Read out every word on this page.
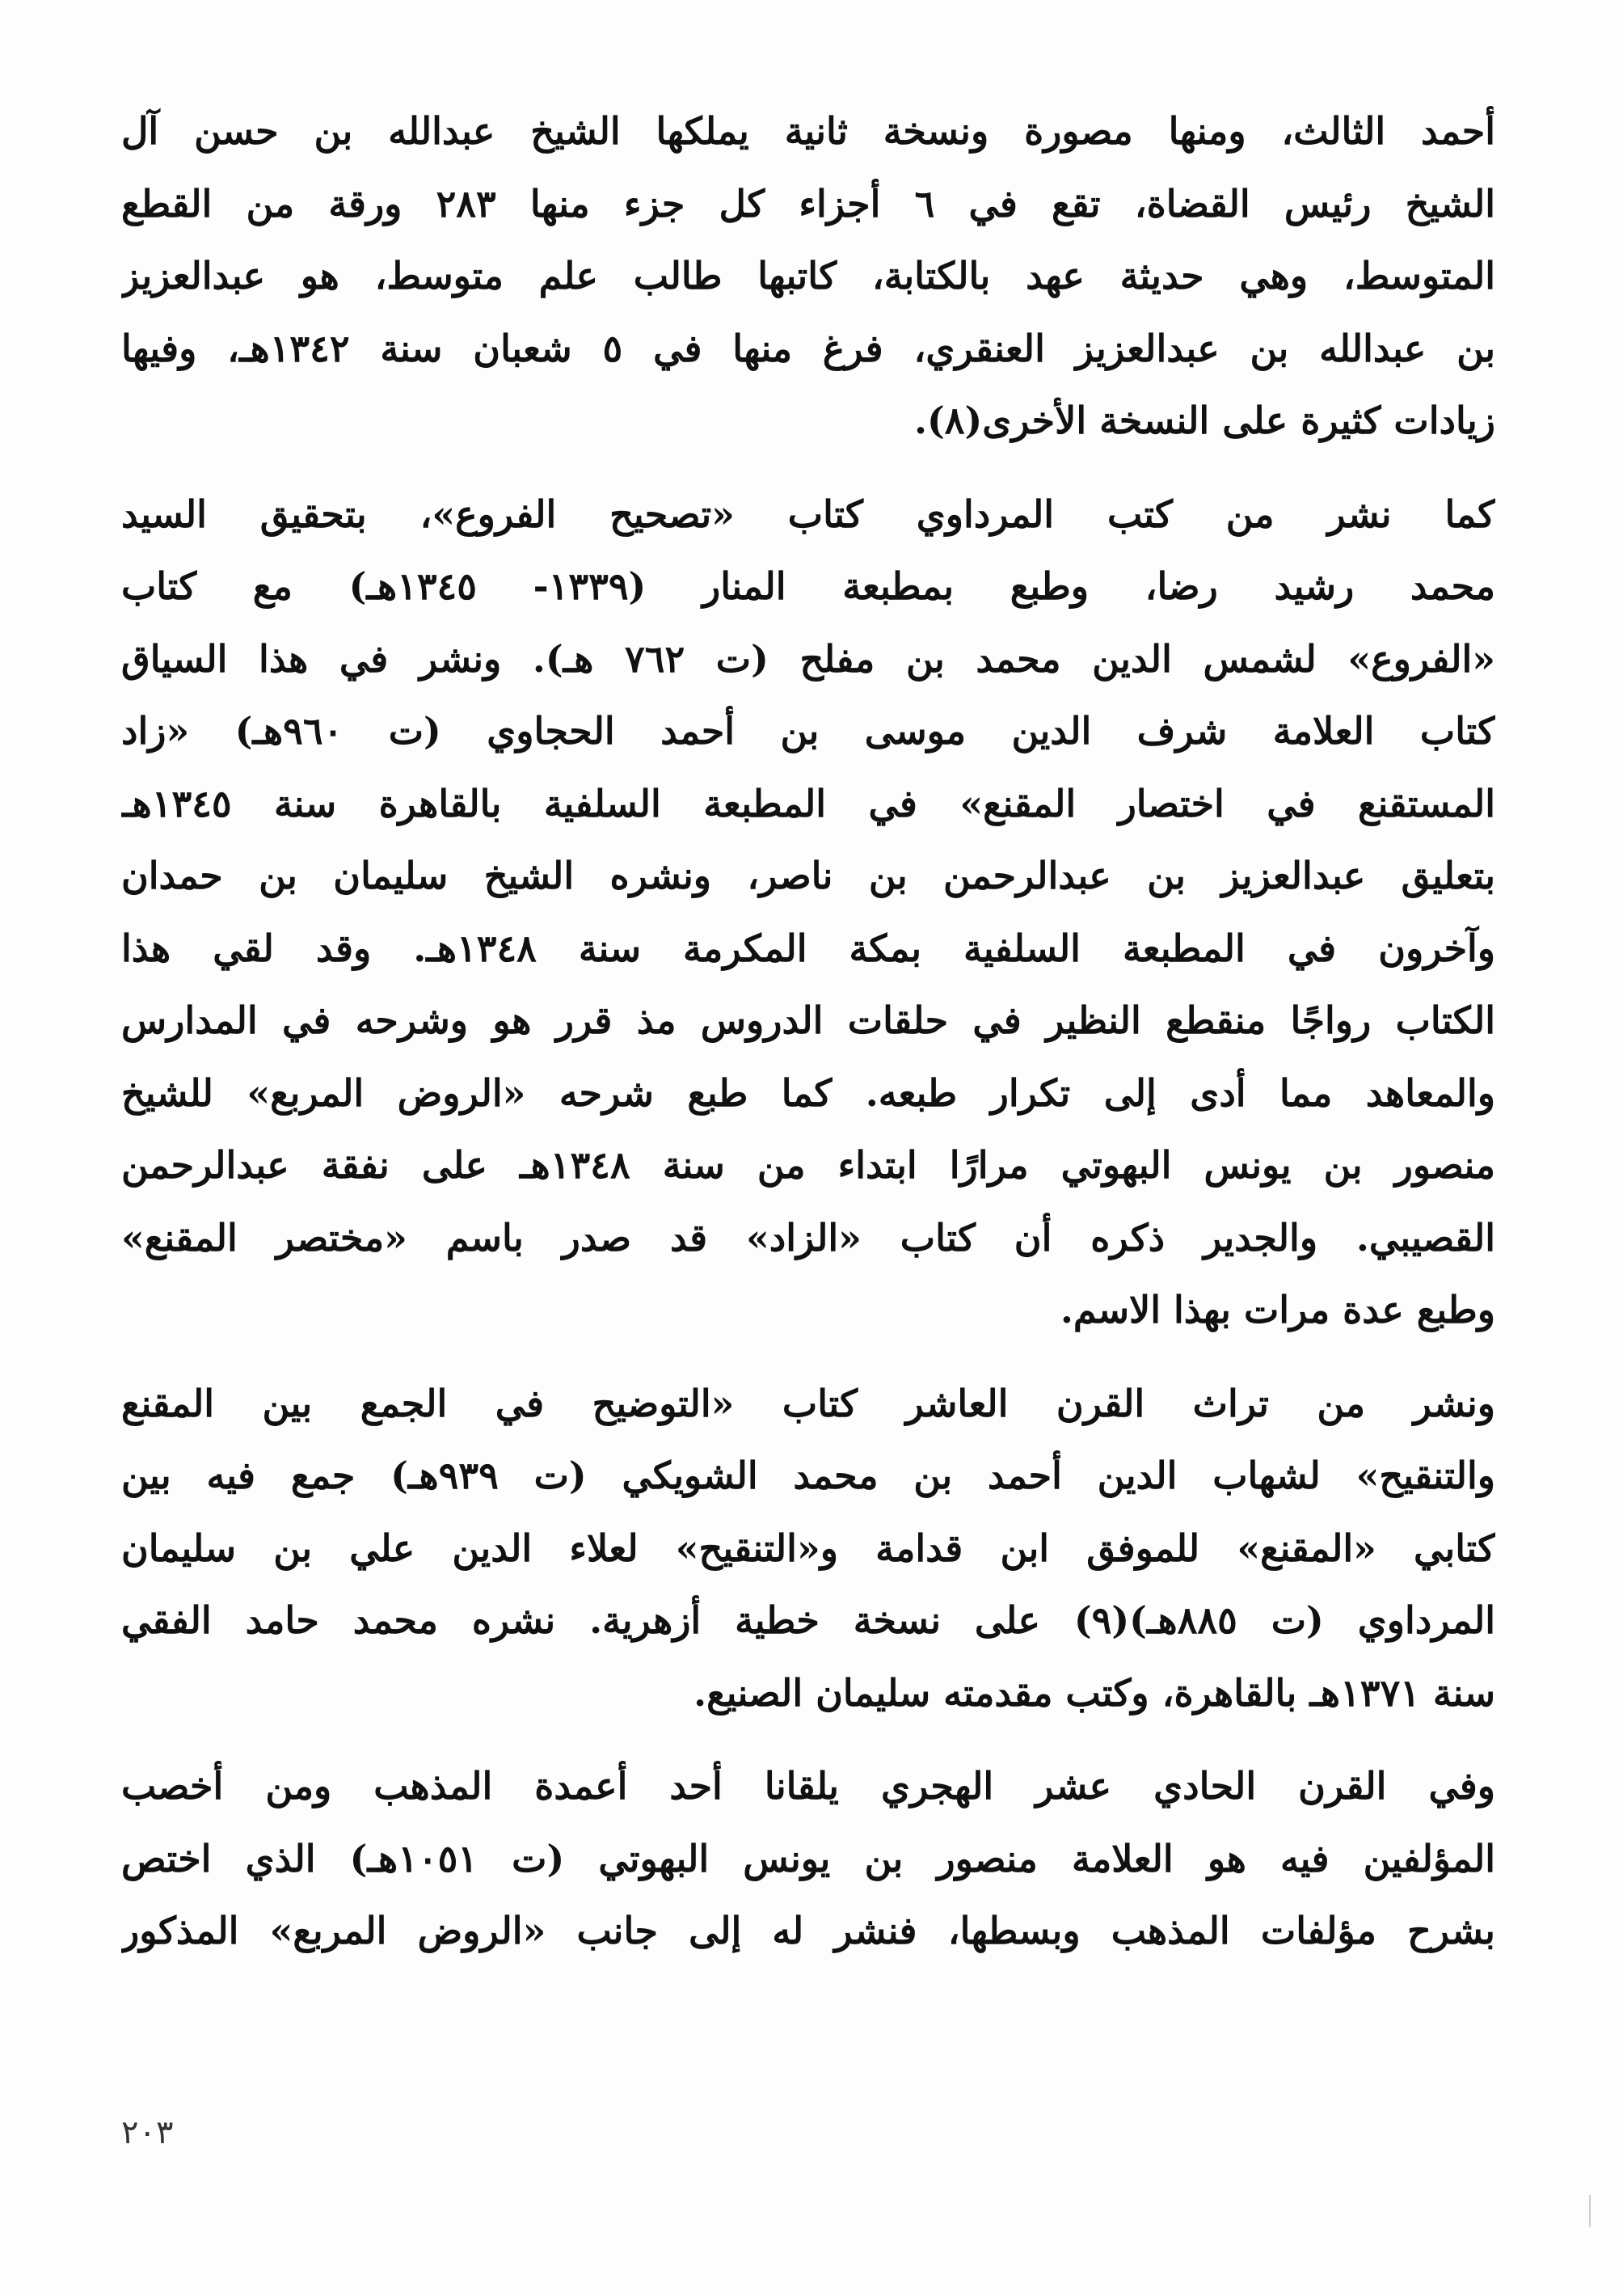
أحمد الثالث، ومنها مصورة ونسخة ثانية يملكها الشيخ عبدالله بن حسن آل
الشيخ رئيس القضاة، تقع في ٦ أجزاء كل جزء منها ٢٨٣ ورقة من القطع
المتوسط، وهي حديثة عهد بالكتابة، كاتبها طالب علم متوسط، هو عبدالعزيز
بن عبدالله بن عبدالعزيز العنقري، فرغ منها في ٥ شعبان سنة ١٣٤٢هـ، وفيها
زيادات كثيرة على النسخة الأخرى(٨).
كما نشر من كتب المرداوي كتاب «تصحيح الفروع»، بتحقيق السيد
محمد رشيد رضا، وطبع بمطبعة المنار (١٣٣٩- ١٣٤٥هـ) مع كتاب
«الفروع» لشمس الدين محمد بن مفلح (ت ٧٦٢ هـ). ونشر في هذا السياق
كتاب العلامة شرف الدين موسى بن أحمد الحجاوي (ت ٩٦٠هـ) «زاد
المستقنع في اختصار المقنع» في المطبعة السلفية بالقاهرة سنة ١٣٤٥هـ
بتعليق عبدالعزيز بن عبدالرحمن بن ناصر، ونشره الشيخ سليمان بن حمدان
وآخرون في المطبعة السلفية بمكة المكرمة سنة ١٣٤٨هـ. وقد لقي هذا
الكتاب رواجًا منقطع النظير في حلقات الدروس مذ قرر هو وشرحه في المدارس
والمعاهد مما أدى إلى تكرار طبعه. كما طبع شرحه «الروض المربع» للشيخ
منصور بن يونس البهوتي مرارًا ابتداء من سنة ١٣٤٨هـ على نفقة عبدالرحمن
القصيبي. والجدير ذكره أن كتاب «الزاد» قد صدر باسم «مختصر المقنع»
وطبع عدة مرات بهذا الاسم.
ونشر من تراث القرن العاشر كتاب «التوضيح في الجمع بين المقنع
والتنقيح» لشهاب الدين أحمد بن محمد الشويكي (ت ٩٣٩هـ) جمع فيه بين
كتابي «المقنع» للموفق ابن قدامة و«التنقيح» لعلاء الدين علي بن سليمان
المرداوي (ت ٨٨٥هـ)(٩) على نسخة خطية أزهرية. نشره محمد حامد الفقي
سنة ١٣٧١هـ بالقاهرة، وكتب مقدمته سليمان الصنيع.
وفي القرن الحادي عشر الهجري يلقانا أحد أعمدة المذهب ومن أخصب
المؤلفين فيه هو العلامة منصور بن يونس البهوتي (ت ١٠٥١هـ) الذي اختص
بشرح مؤلفات المذهب وبسطها، فنشر له إلى جانب «الروض المربع» المذكور
٢٠٣
